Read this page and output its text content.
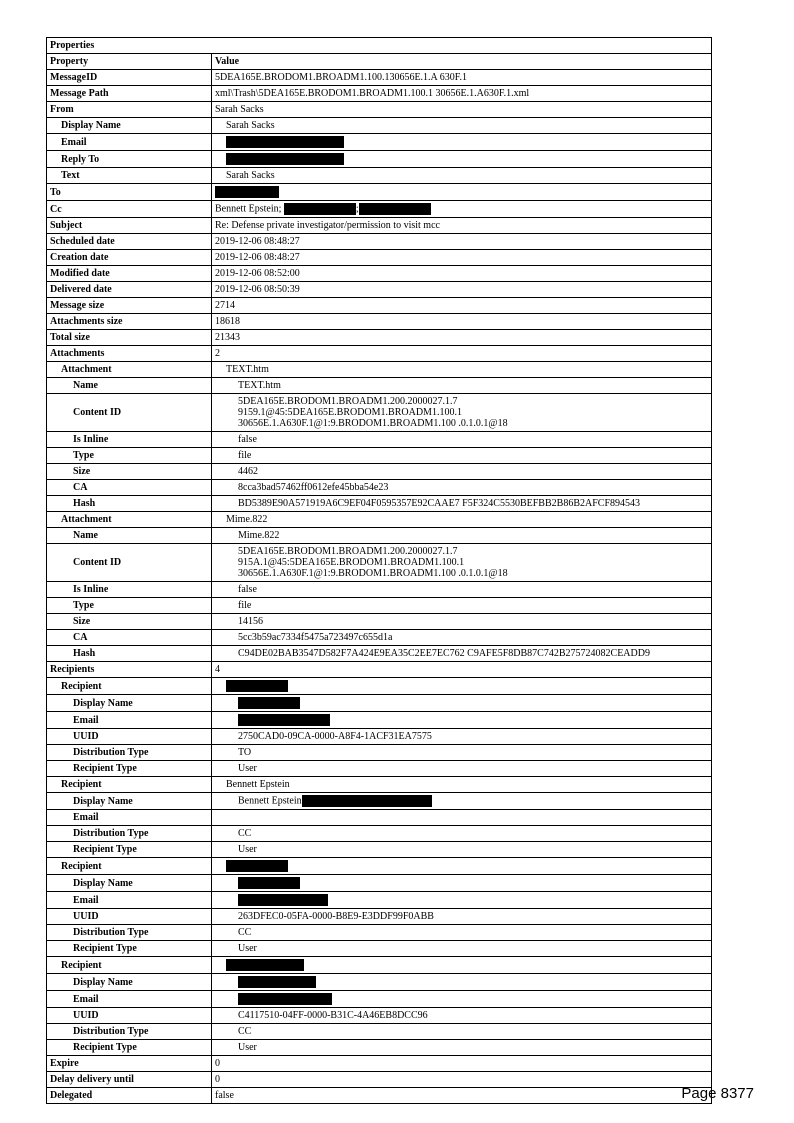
Properties	
Property	Value
MessageID	5DEA165E.BRODOM1.BROADM1.100.130656E.1.A 630F.1
Message Path	xml\Trash\5DEA165E.BRODOM1.BROADM1.100.1 30656E.1.A630F.1.xml
From	Sarah Sacks
Display Name	Sarah Sacks
Email	
Reply To	
Text	Sarah Sacks
To	
Cc	Bennett Epstein; ;
Subject	Re: Defense private investigator/permission to visit mcc
Scheduled date	2019-12-06 08:48:27
Creation date	2019-12-06 08:48:27
Modified date	2019-12-06 08:52:00
Delivered date	2019-12-06 08:50:39
Message size	2714
Attachments size	18618
Total size	21343
Attachments	2
Attachment	TEXT.htm
Name	TEXT.htm
Content ID	5DEA165E.BRODOM1.BROADM1.200.2000027.1.7
9159.1@45:5DEA165E.BRODOM1.BROADM1.100.1
30656E.1.A630F.1@1:9.BRODOM1.BROADM1.100 .0.1.0.1@18

Is Inline	false
Type	file
Size	4462
CA	8cca3bad57462ff0612efe45bba54e23
Hash	BD5389E90A571919A6C9EF04F0595357E92CAAE7 F5F324C5530BEFBB2B86B2AFCF894543
Attachment	Mime.822
Name	Mime.822
Content ID	5DEA165E.BRODOM1.BROADM1.200.2000027.1.7
915A.1@45:5DEA165E.BRODOM1.BROADM1.100.1
30656E.1.A630F.1@1:9.BRODOM1.BROADM1.100 .0.1.0.1@18

Is Inline	false
Type	file
Size	14156
CA	5cc3b59ac7334f5475a723497c655d1a
Hash	C94DE02BAB3547D582F7A424E9EA35C2EE7EC762 C9AFE5F8DB87C742B275724082CEADD9
Recipients	4
Recipient	
Display Name	
Email	
UUID	2750CAD0-09CA-0000-A8F4-1ACF31EA7575
Distribution Type	TO
Recipient Type	User
Recipient	Bennett Epstein
Display Name	Bennett Epstein
Email	
Distribution Type	CC
Recipient Type	User
Recipient	
Display Name	
Email	
UUID	263DFEC0-05FA-0000-B8E9-E3DDF99F0ABB
Distribution Type	CC
Recipient Type	User
Recipient	
Display Name	
Email	
UUID	C4117510-04FF-0000-B31C-4A46EB8DCC96
Distribution Type	CC
Recipient Type	User
Expire	0
Delay delivery until	0
Delegated	false	Page 8377
